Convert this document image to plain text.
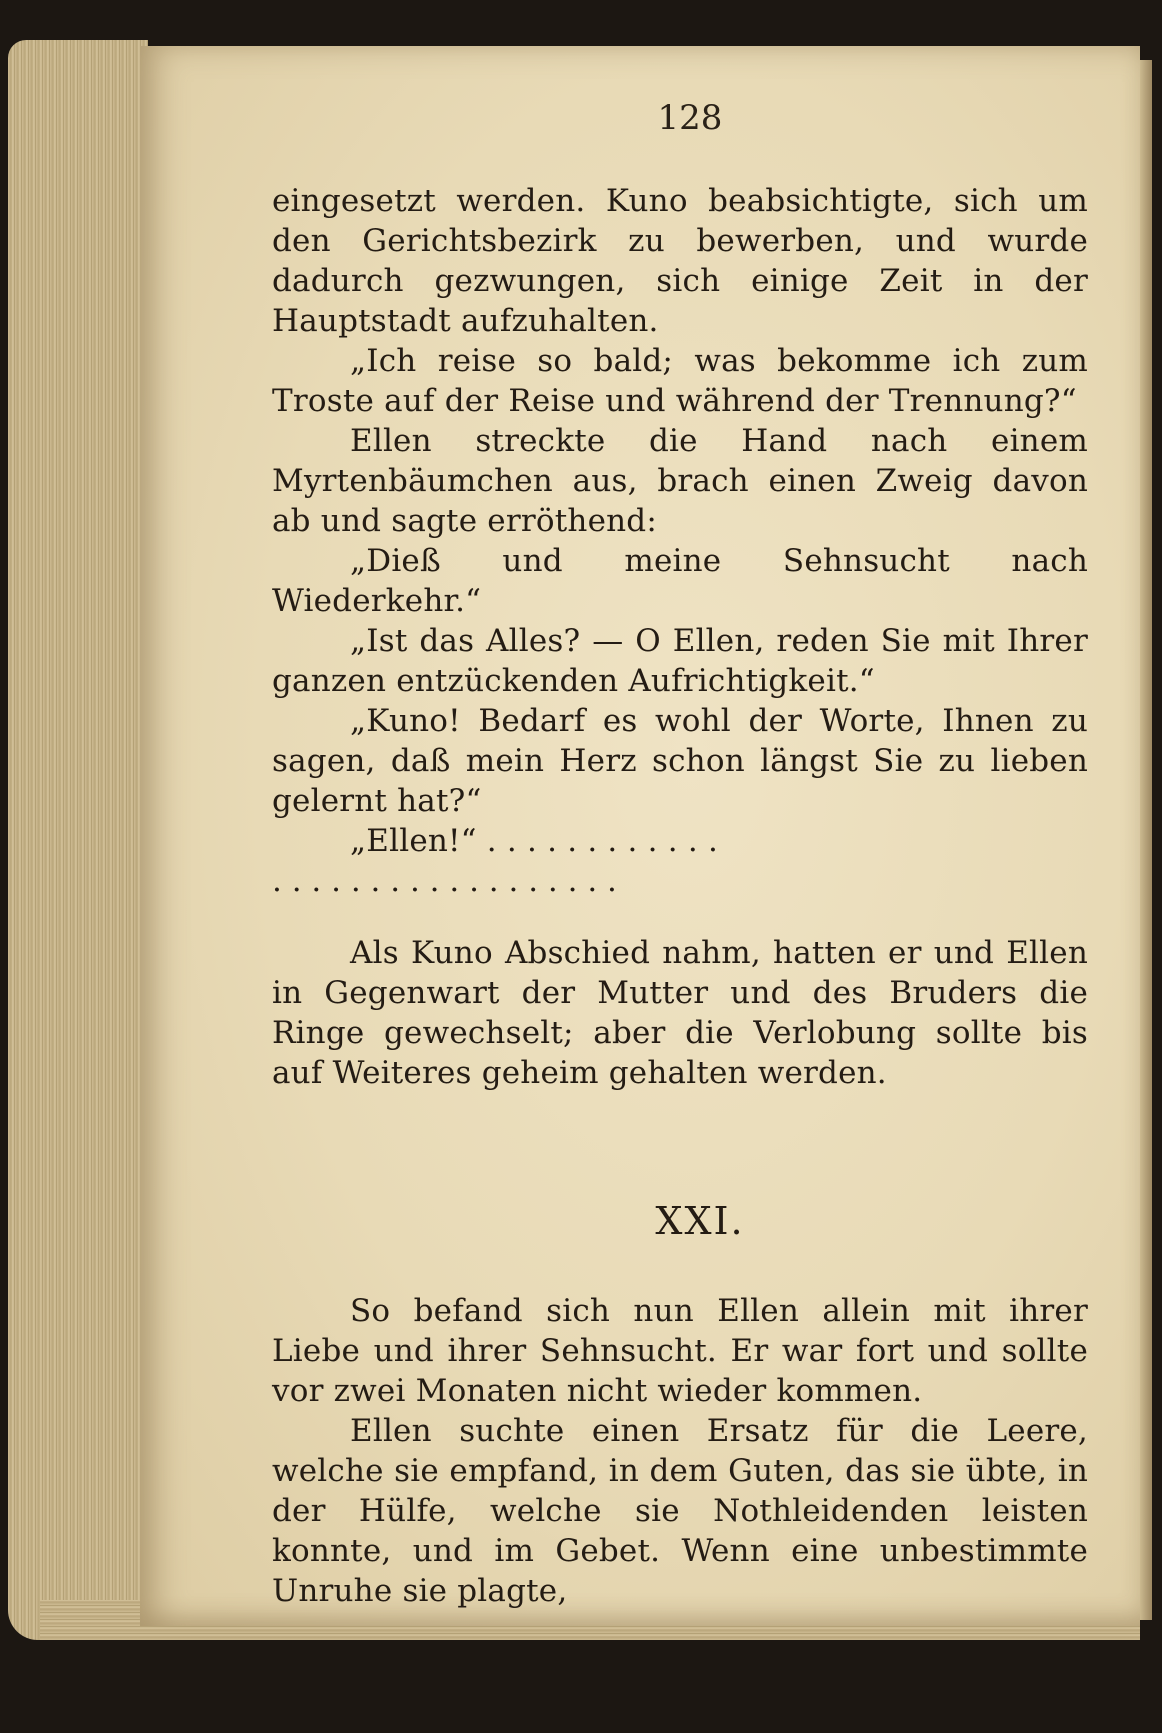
128

eingesetzt werden. Kuno beabsichtigte, sich um den Gerichtsbezirk zu bewerben, und wurde dadurch gezwungen, sich einige Zeit in der Hauptstadt aufzuhalten.

„Ich reise so bald; was bekomme ich zum Troste auf der Reise und während der Trennung?“

Ellen streckte die Hand nach einem Myrtenbäumchen aus, brach einen Zweig davon ab und sagte erröthend:

„Dieß und meine Sehnsucht nach Wiederkehr.“

„Ist das Alles? — O Ellen, reden Sie mit Ihrer ganzen entzückenden Aufrichtigkeit.“

„Kuno! Bedarf es wohl der Worte, Ihnen zu sagen, daß mein Herz schon längst Sie zu lieben gelernt hat?“

„Ellen!“ . . . . . . . . . . . .

. . . . . . . . . . . . . . . . . .

Als Kuno Abschied nahm, hatten er und Ellen in Gegenwart der Mutter und des Bruders die Ringe gewechselt; aber die Verlobung sollte bis auf Weiteres geheim gehalten werden.

XXI.

So befand sich nun Ellen allein mit ihrer Liebe und ihrer Sehnsucht. Er war fort und sollte vor zwei Monaten nicht wieder kommen.

Ellen suchte einen Ersatz für die Leere, welche sie empfand, in dem Guten, das sie übte, in der Hülfe, welche sie Nothleidenden leisten konnte, und im Gebet. Wenn eine unbestimmte Unruhe sie plagte,
